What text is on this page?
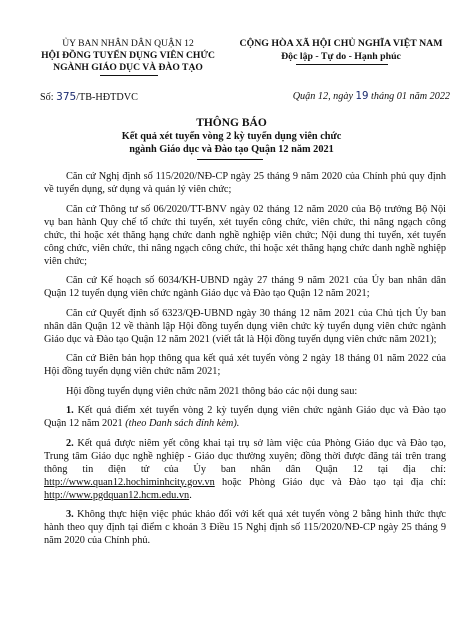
ỦY BAN NHÂN DÂN QUẬN 12
HỘI ĐỒNG TUYỂN DỤNG VIÊN CHỨC
NGÀNH GIÁO DỤC VÀ ĐÀO TẠO
CỘNG HÒA XÃ HỘI CHỦ NGHĨA VIỆT NAM
Độc lập - Tự do - Hạnh phúc
Số: 375/TB-HĐTDVC	Quận 12, ngày 19 tháng 01 năm 2022
THÔNG BÁO
Kết quả xét tuyển vòng 2 kỳ tuyển dụng viên chức
ngành Giáo dục và Đào tạo Quận 12 năm 2021

Căn cứ Nghị định số 115/2020/NĐ-CP ngày 25 tháng 9 năm 2020 của Chính phủ quy định về tuyển dụng, sử dụng và quản lý viên chức;

Căn cứ Thông tư số 06/2020/TT-BNV ngày 02 tháng 12 năm 2020 của Bộ trưởng Bộ Nội vụ ban hành Quy chế tổ chức thi tuyển, xét tuyển công chức, viên chức, thi nâng ngạch công chức, thi hoặc xét thăng hạng chức danh nghề nghiệp viên chức; Nội dung thi tuyển, xét tuyển công chức, viên chức, thi nâng ngạch công chức, thi hoặc xét thăng hạng chức danh nghề nghiệp viên chức;

Căn cứ Kế hoạch số 6034/KH-UBND ngày 27 tháng 9 năm 2021 của Ủy ban nhân dân Quận 12 tuyển dụng viên chức ngành Giáo dục và Đào tạo Quận 12 năm 2021;

Căn cứ Quyết định số 6323/QĐ-UBND ngày 30 tháng 12 năm 2021 của Chủ tịch Ủy ban nhân dân Quận 12 về thành lập Hội đồng tuyển dụng viên chức kỳ tuyển dụng viên chức ngành Giáo dục và Đào tạo Quận 12 năm 2021 (viết tắt là Hội đồng tuyển dụng viên chức năm 2021);

Căn cứ Biên bản họp thông qua kết quả xét tuyển vòng 2 ngày 18 tháng 01 năm 2022 của Hội đồng tuyển dụng viên chức năm 2021;

Hội đồng tuyển dụng viên chức năm 2021 thông báo các nội dung sau:

1. Kết quả điểm xét tuyển vòng 2 kỳ tuyển dụng viên chức ngành Giáo dục và Đào tạo Quận 12 năm 2021 (theo Danh sách đính kèm).

2. Kết quả được niêm yết công khai tại trụ sở làm việc của Phòng Giáo dục và Đào tạo, Trung tâm Giáo dục nghề nghiệp - Giáo dục thường xuyên; đồng thời được đăng tải trên trang thông tin điện tử của Ủy ban nhân dân Quận 12 tại địa chỉ: http://www.quan12.hochiminhcity.gov.vn hoặc Phòng Giáo dục và Đào tạo tại địa chỉ: http://www.pgdquan12.hcm.edu.vn.

3. Không thực hiện việc phúc khảo đối với kết quả xét tuyển vòng 2 bằng hình thức thực hành theo quy định tại điểm c khoản 3 Điều 15 Nghị định số 115/2020/NĐ-CP ngày 25 tháng 9 năm 2020 của Chính phủ.
